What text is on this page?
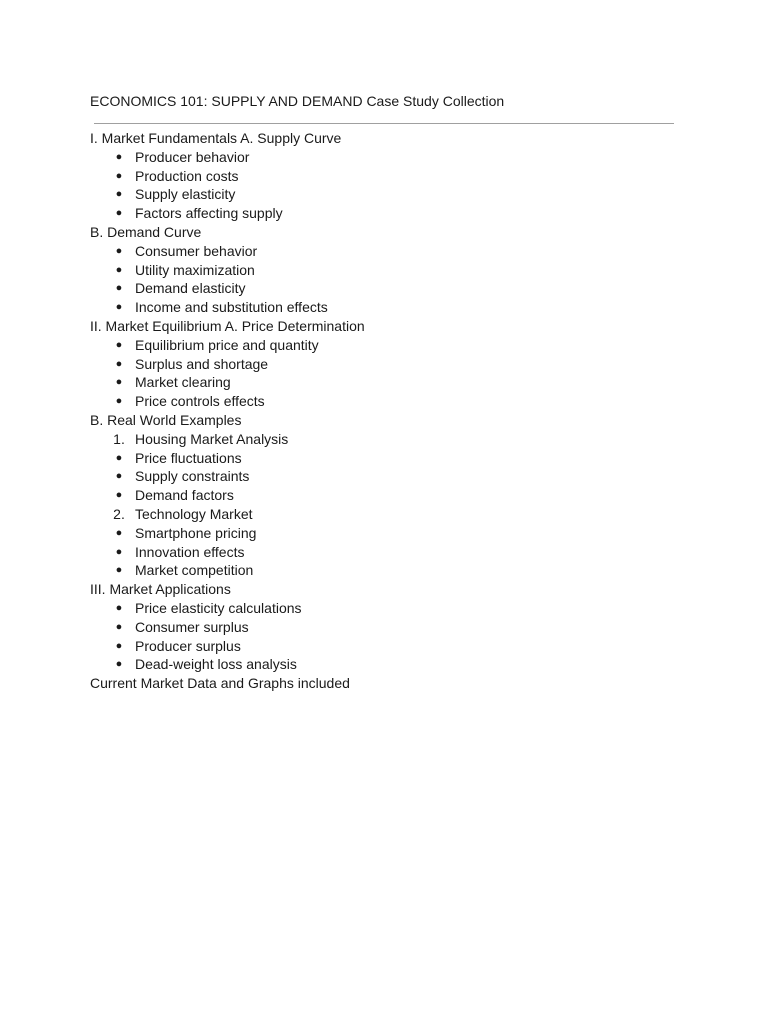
ECONOMICS 101: SUPPLY AND DEMAND Case Study Collection
I. Market Fundamentals A. Supply Curve
● Producer behavior
● Production costs
● Supply elasticity
● Factors affecting supply
B. Demand Curve
● Consumer behavior
● Utility maximization
● Demand elasticity
● Income and substitution effects
II. Market Equilibrium A. Price Determination
● Equilibrium price and quantity
● Surplus and shortage
● Market clearing
● Price controls effects
B. Real World Examples
1. Housing Market Analysis
● Price fluctuations
● Supply constraints
● Demand factors
2. Technology Market
● Smartphone pricing
● Innovation effects
● Market competition
III. Market Applications
● Price elasticity calculations
● Consumer surplus
● Producer surplus
● Dead-weight loss analysis
Current Market Data and Graphs included
